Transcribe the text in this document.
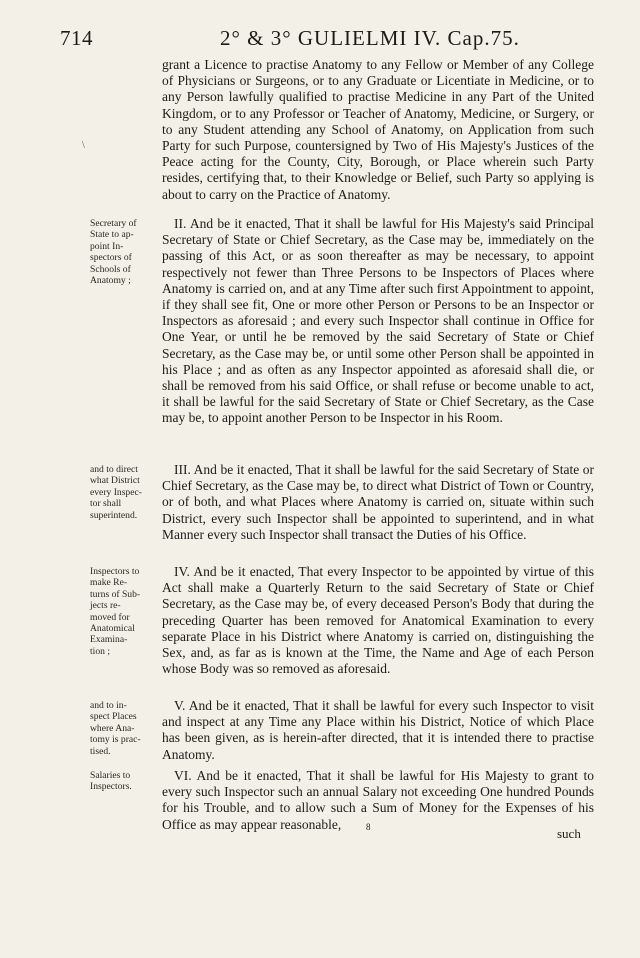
714	2° & 3° GULIELMI IV. Cap.75.
\

grant a Licence to practise Anatomy to any Fellow or Member of any College of Physicians or Surgeons, or to any Graduate or Licentiate in Medicine, or to any Person lawfully qualified to practise Medicine in any Part of the United Kingdom, or to any Professor or Teacher of Anatomy, Medicine, or Surgery, or to any Student attending any School of Anatomy, on Application from such Party for such Purpose, countersigned by Two of His Majesty's Justices of the Peace acting for the County, City, Borough, or Place wherein such Party resides, certifying that, to their Knowledge or Belief, such Party so applying is about to carry on the Practice of Anatomy.

Secretary of
State to ap-
point In-
spectors of
Schools of
Anatomy ;

II. And be it enacted, That it shall be lawful for His Majesty's said Principal Secretary of State or Chief Secretary, as the Case may be, immediately on the passing of this Act, or as soon thereafter as may be necessary, to appoint respectively not fewer than Three Persons to be Inspectors of Places where Anatomy is carried on, and at any Time after such first Appointment to appoint, if they shall see fit, One or more other Person or Persons to be an Inspector or Inspectors as aforesaid ; and every such Inspector shall continue in Office for One Year, or until he be removed by the said Secretary of State or Chief Secretary, as the Case may be, or until some other Person shall be appointed in his Place ; and as often as any Inspector appointed as aforesaid shall die, or shall be removed from his said Office, or shall refuse or become unable to act, it shall be lawful for the said Secretary of State or Chief Secretary, as the Case may be, to appoint another Person to be Inspector in his Room.

and to direct
what District
every Inspec-
tor shall
superintend.

III. And be it enacted, That it shall be lawful for the said Secretary of State or Chief Secretary, as the Case may be, to direct what District of Town or Country, or of both, and what Places where Anatomy is carried on, situate within such District, every such Inspector shall be appointed to superintend, and in what Manner every such Inspector shall transact the Duties of his Office.

Inspectors to
make Re-
turns of Sub-
jects re-
moved for
Anatomical
Examina-
tion ;

IV. And be it enacted, That every Inspector to be appointed by virtue of this Act shall make a Quarterly Return to the said Secretary of State or Chief Secretary, as the Case may be, of every deceased Person's Body that during the preceding Quarter has been removed for Anatomical Examination to every separate Place in his District where Anatomy is carried on, distinguishing the Sex, and, as far as is known at the Time, the Name and Age of each Person whose Body was so removed as aforesaid.

and to in-
spect Places
where Ana-
tomy is prac-
tised.

V. And be it enacted, That it shall be lawful for every such Inspector to visit and inspect at any Time any Place within his District, Notice of which Place has been given, as is herein-after directed, that it is intended there to practise Anatomy.

Salaries to
Inspectors.

VI. And be it enacted, That it shall be lawful for His Majesty to grant to every such Inspector such an annual Salary not exceeding One hundred Pounds for his Trouble, and to allow such a Sum of Money for the Expenses of his Office as may appear reasonable,	8	such
